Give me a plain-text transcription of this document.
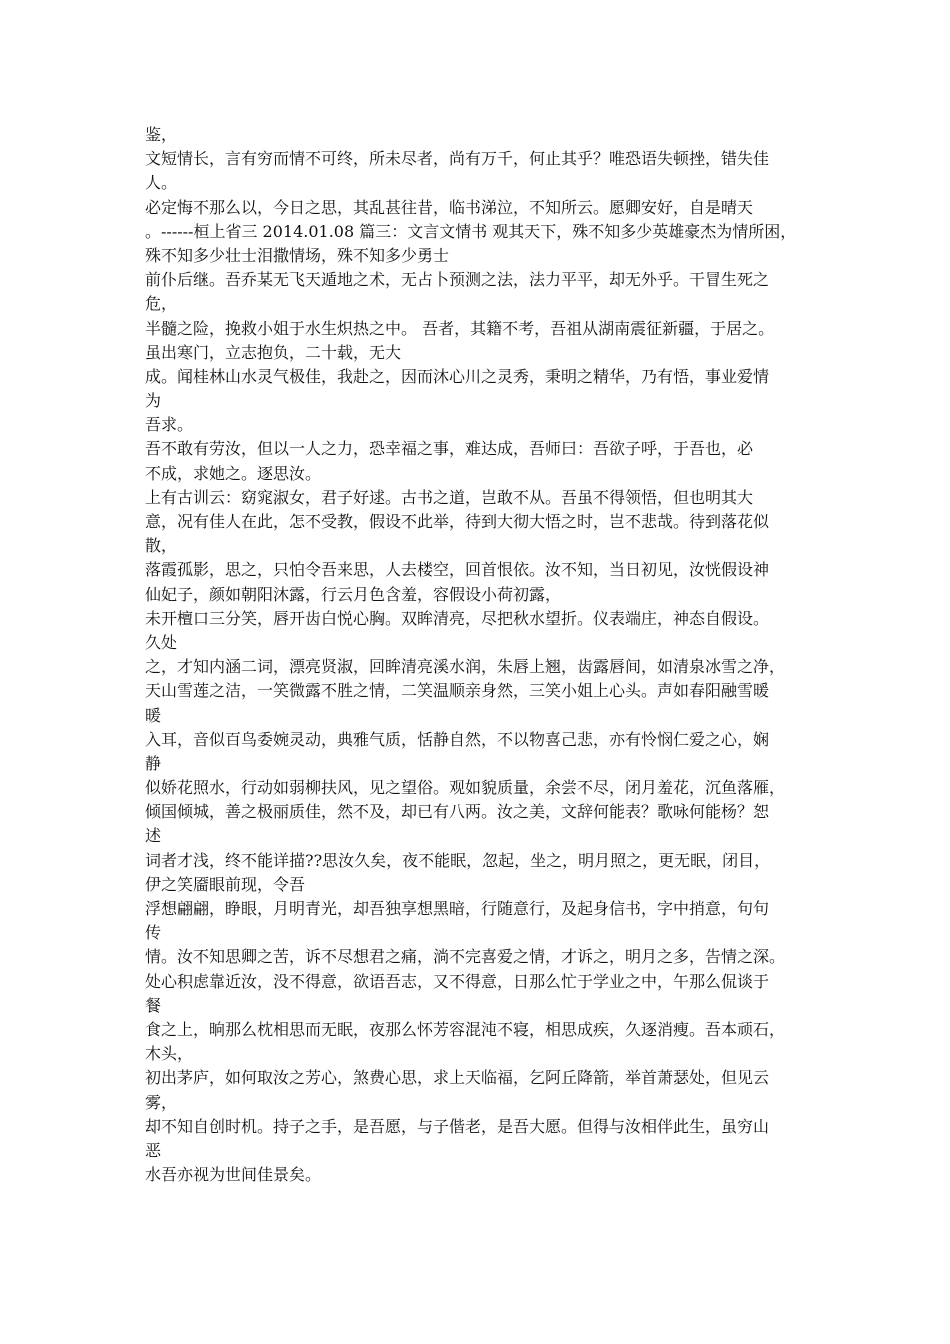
鉴，
文短情长，言有穷而情不可终，所未尽者，尚有万千，何止其乎？唯恐语失顿挫，错失佳
人。
必定悔不那么以，今日之思，其乱甚往昔，临书涕泣，不知所云。愿卿安好，自是晴天
。------桓上省三 2014.01.08 篇三：文言文情书 观其天下，殊不知多少英雄豪杰为情所困，
殊不知多少壮士泪撒情场，殊不知多少勇士
前仆后继。吾乔某无飞天遁地之术，无占卜预测之法，法力平平，却无外乎。干冒生死之
危，
半髓之险，挽救小姐于水生炽热之中。 吾者，其籍不考，吾祖从湖南震征新疆，于居之。
虽出寒门，立志抱负，二十载，无大
成。闻桂林山水灵气极佳，我赴之，因而沐心川之灵秀，秉明之精华，乃有悟，事业爱情
为
吾求。
吾不敢有劳汝，但以一人之力，恐幸福之事，难达成，吾师曰：吾欲子呼，于吾也，必
不成，求她之。逐思汝。
上有古训云：窈窕淑女，君子好逑。古书之道，岂敢不从。吾虽不得领悟，但也明其大
意，况有佳人在此，怎不受教，假设不此举，待到大彻大悟之时，岂不悲哉。待到落花似
散，
落霞孤影，思之，只怕令吾来思，人去楼空，回首恨依。汝不知，当日初见，汝恍假设神
仙妃子，颜如朝阳沐露，行云月色含羞，容假设小荷初露，
未开檀口三分笑，唇开齿白悦心胸。双眸清亮，尽把秋水望折。仪表端庄，神态自假设。
久处
之，才知内涵二词，漂亮贤淑，回眸清亮溪水润，朱唇上翘，齿露唇间，如清泉冰雪之净，
天山雪莲之洁，一笑微露不胜之情，二笑温顺亲身然，三笑小姐上心头。声如春阳融雪暖
暖
入耳，音似百鸟委婉灵动，典雅气质，恬静自然，不以物喜己悲，亦有怜悯仁爱之心，娴
静
似娇花照水，行动如弱柳扶风，见之望俗。观如貌质量，余尝不尽，闭月羞花，沉鱼落雁，
倾国倾城，善之极丽质佳，然不及，却已有八两。汝之美，文辞何能表？歌咏何能杨？恕
述
词者才浅，终不能详描??思汝久矣，夜不能眠，忽起，坐之，明月照之，更无眠，闭目，
伊之笑靥眼前现，令吾
浮想翩翩，睁眼，月明青光，却吾独享想黑暗，行随意行，及起身信书，字中捎意，句句
传
情。汝不知思卿之苦，诉不尽想君之痛，淌不完喜爱之情，才诉之，明月之多，告情之深。
处心积虑靠近汝，没不得意，欲语吾志，又不得意，日那么忙于学业之中，午那么侃谈于
餐
食之上，晌那么枕相思而无眠，夜那么怀芳容混沌不寝，相思成疾，久逐消瘦。吾本顽石，
木头，
初出茅庐，如何取汝之芳心，煞费心思，求上天临福，乞阿丘降箭，举首萧瑟处，但见云
雾，
却不知自创时机。持子之手，是吾愿，与子偕老，是吾大愿。但得与汝相伴此生，虽穷山
恶
水吾亦视为世间佳景矣。
